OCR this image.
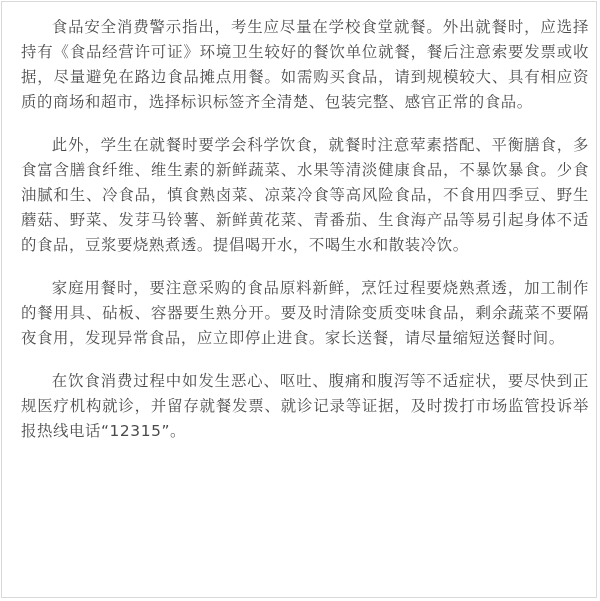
食品安全消费警示指出，考生应尽量在学校食堂就餐。外出就餐时，应选择持有《食品经营许可证》环境卫生较好的餐饮单位就餐，餐后注意索要发票或收据，尽量避免在路边食品摊点用餐。如需购买食品，请到规模较大、具有相应资质的商场和超市，选择标识标签齐全清楚、包装完整、感官正常的食品。

此外，学生在就餐时要学会科学饮食，就餐时注意荤素搭配、平衡膳食，多食富含膳食纤维、维生素的新鲜蔬菜、水果等清淡健康食品，不暴饮暴食。少食油腻和生、冷食品，慎食熟卤菜、凉菜冷食等高风险食品，不食用四季豆、野生蘑菇、野菜、发芽马铃薯、新鲜黄花菜、青番茄、生食海产品等易引起身体不适的食品，豆浆要烧熟煮透。提倡喝开水，不喝生水和散装冷饮。

家庭用餐时，要注意采购的食品原料新鲜，烹饪过程要烧熟煮透，加工制作的餐用具、砧板、容器要生熟分开。要及时清除变质变味食品，剩余蔬菜不要隔夜食用，发现异常食品，应立即停止进食。家长送餐，请尽量缩短送餐时间。

在饮食消费过程中如发生恶心、呕吐、腹痛和腹泻等不适症状，要尽快到正规医疗机构就诊，并留存就餐发票、就诊记录等证据，及时拨打市场监管投诉举报热线电话“12315”。
